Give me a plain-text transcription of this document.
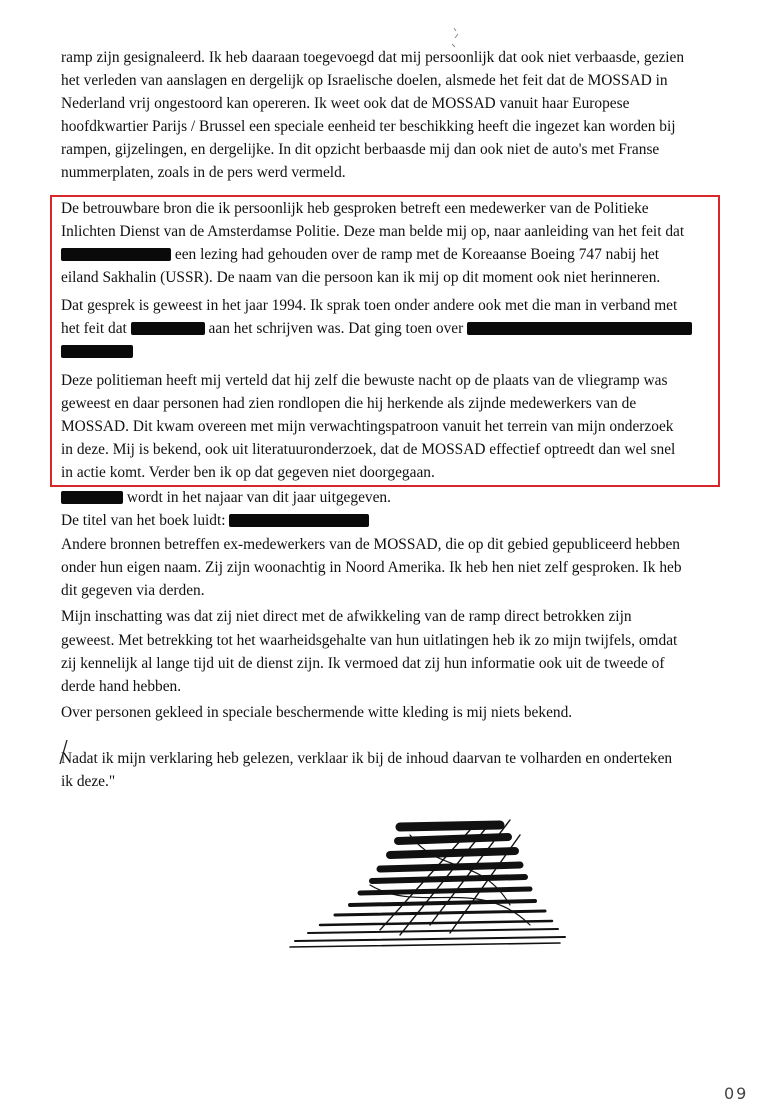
ramp zijn gesignaleerd. Ik heb daaraan toegevoegd dat mij persoonlijk dat ook niet verbaasde, gezien
het verleden van aanslagen en dergelijk op Israelische doelen, alsmede het feit dat de MOSSAD in
Nederland vrij ongestoord kan opereren. Ik weet ook dat de MOSSAD vanuit haar Europese
hoofdkwartier Parijs / Brussel een speciale eenheid ter beschikking heeft die ingezet kan worden bij
rampen, gijzelingen, en dergelijke. In dit opzicht berbaasde mij dan ook niet de auto's met Franse
nummerplaten, zoals in de pers werd vermeld.
De betrouwbare bron die ik persoonlijk heb gesproken betreft een medewerker van de Politieke
Inlichten Dienst van de Amsterdamse Politie. Deze man belde mij op, naar aanleiding van het feit dat
een lezing had gehouden over de ramp met de Koreaanse Boeing 747 nabij het
eiland Sakhalin (USSR). De naam van die persoon kan ik mij op dit moment ook niet herinneren.
Dat gesprek is geweest in het jaar 1994. Ik sprak toen onder andere ook met die man in verband met
het feit dat	aan het schrijven was. Dat ging toen over
Deze politieman heeft mij verteld dat hij zelf die bewuste nacht op de plaats van de vliegramp was
geweest en daar personen had zien rondlopen die hij herkende als zijnde medewerkers van de
MOSSAD. Dit kwam overeen met mijn verwachtingspatroon vanuit het terrein van mijn onderzoek
in deze. Mij is bekend, ook uit literatuuronderzoek, dat de MOSSAD effectief optreedt dan wel snel
in actie komt. Verder ben ik op dat gegeven niet doorgegaan.
wordt in het najaar van dit jaar uitgegeven.
De titel van het boek luidt:
Andere bronnen betreffen ex-medewerkers van de MOSSAD, die op dit gebied gepubliceerd hebben
onder hun eigen naam. Zij zijn woonachtig in Noord Amerika. Ik heb hen niet zelf gesproken. Ik heb
dit gegeven via derden.
Mijn inschatting was dat zij niet direct met de afwikkeling van de ramp direct betrokken zijn
geweest. Met betrekking tot het waarheidsgehalte van hun uitlatingen heb ik zo mijn twijfels, omdat
zij kennelijk al lange tijd uit de dienst zijn. Ik vermoed dat zij hun informatie ook uit de tweede of
derde hand hebben.
Over personen gekleed in speciale beschermende witte kleding is mij niets bekend.
Nadat ik mijn verklaring heb gelezen, verklaar ik bij de inhoud daarvan te volharden en onderteken
ik deze."
09
